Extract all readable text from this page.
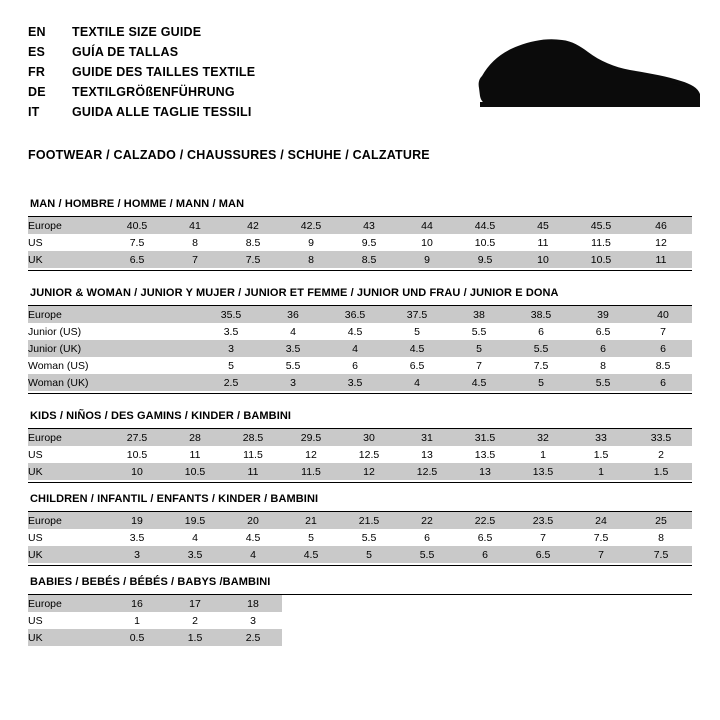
EN	TEXTILE SIZE GUIDE
ES	GUÍA DE TALLAS
FR	GUIDE DES TAILLES TEXTILE
DE	TEXTILGRÖßENFÜHRUNG
IT	GUIDA ALLE TAGLIE TESSILI
FOOTWEAR / CALZADO / CHAUSSURES / SCHUHE / CALZATURE
MAN / HOMBRE / HOMME / MANN / MAN
Europe	40.5	41	42	42.5	43	44	44.5	45	45.5	46
US	7.5	8	8.5	9	9.5	10	10.5	11	11.5	12
UK	6.5	7	7.5	8	8.5	9	9.5	10	10.5	11
JUNIOR & WOMAN / JUNIOR Y MUJER / JUNIOR ET FEMME / JUNIOR UND FRAU / JUNIOR E DONA
Europe		35.5	36	36.5	37.5	38	38.5	39	40
Junior (US)		3.5	4	4.5	5	5.5	6	6.5	7
Junior (UK)		3	3.5	4	4.5	5	5.5	6	6
Woman (US)		5	5.5	6	6.5	7	7.5	8	8.5
Woman (UK)		2.5	3	3.5	4	4.5	5	5.5	6
KIDS / NIÑOS / DES GAMINS / KINDER / BAMBINI
Europe	27.5	28	28.5	29.5	30	31	31.5	32	33	33.5
US	10.5	11	11.5	12	12.5	13	13.5	1	1.5	2
UK	10	10.5	11	11.5	12	12.5	13	13.5	1	1.5
CHILDREN / INFANTIL / ENFANTS / KINDER / BAMBINI
Europe	19	19.5	20	21	21.5	22	22.5	23.5	24	25
US	3.5	4	4.5	5	5.5	6	6.5	7	7.5	8
UK	3	3.5	4	4.5	5	5.5	6	6.5	7	7.5
BABIES / BEBÉS / BÉBÉS / BABYS /BAMBINI
Europe	16	17	18	
US	1	2	3	
UK	0.5	1.5	2.5	
